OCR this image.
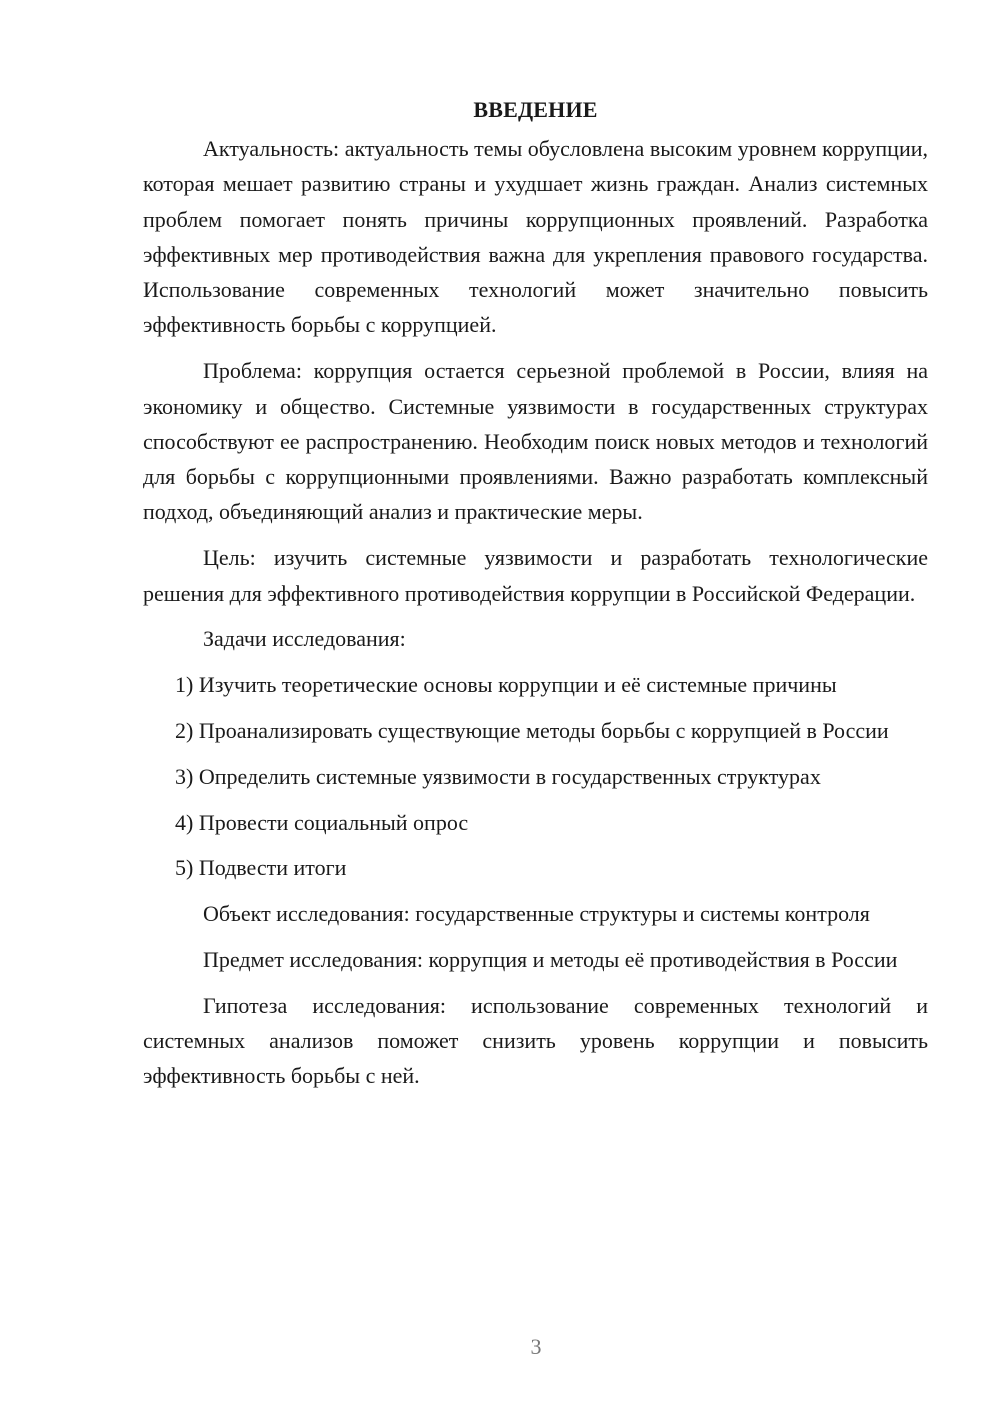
ВВЕДЕНИЕ

Актуальность: актуальность темы обусловлена высоким уровнем коррупции, которая мешает развитию страны и ухудшает жизнь граждан. Анализ системных проблем помогает понять причины коррупционных проявлений. Разработка эффективных мер противодействия важна для укрепления правового государства. Использование современных технологий может значительно повысить эффективность борьбы с коррупцией.

Проблема: коррупция остается серьезной проблемой в России, влияя на экономику и общество. Системные уязвимости в государственных структурах способствуют ее распространению. Необходим поиск новых методов и технологий для борьбы с коррупционными проявлениями. Важно разработать комплексный подход, объединяющий анализ и практические меры.

Цель: изучить системные уязвимости и разработать технологические решения для эффективного противодействия коррупции в Российской Федерации.

Задачи исследования:

1) Изучить теоретические основы коррупции и её системные причины

2) Проанализировать существующие методы борьбы с коррупцией в России

3) Определить системные уязвимости в государственных структурах

4) Провести социальный опрос

5) Подвести итоги

Объект исследования: государственные структуры и системы контроля

Предмет исследования: коррупция и методы её противодействия в России

Гипотеза исследования: использование современных технологий и системных анализов поможет снизить уровень коррупции и повысить эффективность борьбы с ней.

3
